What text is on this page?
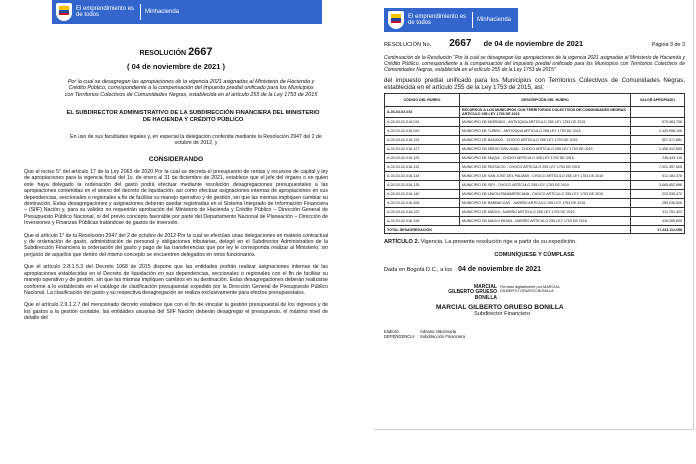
El emprendimiento es de todos	Minhacienda
RESOLUCIÓN 2667
( 04 de noviembre de 2021 )
Por la cual se desagregan las apropiaciones de la vigencia 2021 asignadas al Ministerio de Hacienda y Crédito Público, correspondiente a la compensación del impuesto predial unificado para los Municipios con Territorios Colectivos de Comunidades Negras, establecida en el artículo 255 de la Ley 1753 de 2015
EL SUBDIRECTOR ADMINISTRATIVO DE LA SUBDIRECCIÓN FINANCIERA DEL MINISTERIO DE HACIENDA Y CRÉDITO PÚBLICO
En uso de sus facultades legales y, en especial la delegación conferida mediante la Resolución 2947 del 2 de octubre de 2012, y
CONSIDERANDO
Que el inciso 5° del artículo 17 de la Ley 2063 de 2020 Por la cual se decreta el presupuesto de rentas y recursos de capital y ley de apropiaciones para la vigencia fiscal del 1o. de enero al 31 de diciembre de 2021, establece que el jefe del órgano o en quien este haya delegado la ordenación del gasto podrá efectuar mediante resolución desagregaciones presupuestales a las apropiaciones contenidas en el anexo del decreto de liquidación, así como efectuar asignaciones internas de apropiaciones en sus dependencias, seccionales o regionales a fin de facilitar su manejo operativo y de gestión, sin que las mismas impliquen cambiar su destinación. Estas desagregaciones y asignaciones deberán quedar registradas en el Sistema Integrado de Información Financiera – (SIIF) Nación y, para su validez no requerirán aprobación del Ministerio de Hacienda y Crédito Público – Dirección General de Presupuesto Público Nacional, ni del previo concepto favorable por parte del Departamento Nacional de Planeación – Dirección de Inversiones y Finanzas Públicas tratándose de gastos de inversión.
Que el artículo 1° de la Resolución 2947 del 2 de octubre de 2012 Por la cual se efectúan unas delegaciones en materia contractual y de ordenación de gasto, administración de personal y obligaciones tributarias, delegó en el Subdirector Administrativo de la Subdirección Financiera la ordenación del gasto y pago de las transferencias que por ley le corresponda realizar al Ministerio, sin perjuicio de aquellos que dentro del mismo concepto se encuentren delegados en otros funcionarios.
Que el artículo 2.8.1.5.3 del Decreto 1068 de 2015 dispone que las entidades podrán realizar asignaciones internas de las apropiaciones establecidas en el Decreto de liquidación en sus dependencias, seccionales o regionales con el fin de facilitar su manejo operativo y de gestión, sin que las mismas impliquen cambios en su destinación. Estas desagregaciones deberán realizarse conforme a lo establecido en el catálogo de clasificación presupuestal expedido por la Dirección General de Presupuesto Público Nacional. La clasificación del gasto y su respectiva desagregación se realiza exclusivamente para efectos presupuestales.
Que el artículo 2.9.1.2.7 del mencionado decreto establece que con el fin de vincular la gestión presupuestal de los ingresos y de los gastos a la gestión contable, las entidades usuarias del SIIF Nación deberán desagregar el presupuesto, el máximo nivel de detalle del
El emprendimiento es de todos	Minhacienda
RESOLUCIÓN No. 2667 de 04 de noviembre de 2021	Página 3 de 3
Continuación de la Resolución "Por la cual se desagregan las apropiaciones de la vigencia 2021 asignadas al Ministerio de Hacienda y Crédito Público, correspondiente a la compensación del impuesto predial unificado para los Municipios con Territorios Colectivos de Comunidades Negras, establecida en el artículo 255 de la Ley 1753 de 2015"
del impuesto predial unificado para los Municipios con Territorios Colectivos de Comunidades Negras, establecida en el artículo 255 de la Ley 1753 de 2015, así:
CÓDIGO DEL RUBRO	DESCRIPCIÓN DEL RUBRO	VALOR APROPIADO
A-03-03-02-016	RECURSOS A LOS MUNICIPIOS CON TERRITORIOS COLECTIVOS DE COMUNIDADES NEGRAS ARTÍCULO 255 LEY 1753 DE 2015	
A-03-03-02-016-015	MUNICIPIO DE MURINDO - ANTIOQUIA ARTÍCULO 255 LEY 1753 DE 2015	579.063.706
A-03-03-02-016-020	MUNICIPIO DE TURBO - ANTIOQUIA ARTÍCULO 255 LEY 1753 DE 2015	2.429.998.156
A-03-03-02-016-113	MUNICIPIO DE BAGADO - CHOCO ARTÍCULO 255 LEY 1753 DE 2015	507.371.881
A-03-03-02-016-127	MUNICIPIO DE MEDIO SAN JUAN - CHOCO ARTÍCULO 255 LEY 1753 DE 2015	1.456.910.859
A-03-03-02-016-129	MUNICIPIO DE NUQUI - CHOCO ARTÍCULO 255 LEY 1753 DE 2015	246.443.115
A-03-03-02-016-132	MUNICIPIO DE RIOSUCIO - CHOCO ARTÍCULO 255 LEY 1753 DE 2015	7.021.357.605
A-03-03-02-016-134	MUNICIPIO DE SAN JOSE DEL PALMAR - CHOCO ARTÍCULO 255 LEY 1753 DE 2015	511.184.378
A-03-03-02-016-135	MUNICIPIO DE SIPI - CHOCO ARTÍCULO 255 LEY 1753 DE 2015	3.060.852.896
A-03-03-02-016-140	MUNICIPIO DE UNION PANAMERICANA - CHOCO ARTÍCULO 255 LEY 1753 DE 2015	222.935.470
A-03-03-02-016-205	MUNICIPIO DE BARBACOAS - NARIÑO ARTÍCULO 255 LEY 1753 DE 2015	255.036.826
A-03-03-02-016-222	MUNICIPIO DE MAGUI - NARIÑO ARTÍCULO 255 LEY 1753 DE 2015	411.751.422
A-03-03-02-016-226	MUNICIPIO DE MAGUI PAYAN - NARIÑO ARTÍCULO 255 LEY 1753 DE 2015	416.269.605
TOTAL DESAGREGACIÓN		17.223.112.658
ARTÍCULO 2. Vigencia. La presente resolución rige a partir de su expedición.
COMUNÍQUESE Y CÚMPLASE
Dada en Bogotá D.C., a los 04 de noviembre de 2021
MARCIAL GILBERTO GRUESO BONILLA
Firmado digitalmente por MARCIAL GILBERTO GRUESO BONILLA
MARCIAL GILBERTO GRUESO BONILLA
Subdirector Financiero
Elaboró:	Adriana Valenzuela
DEPENDENCIA:	Subdirección Financiera
